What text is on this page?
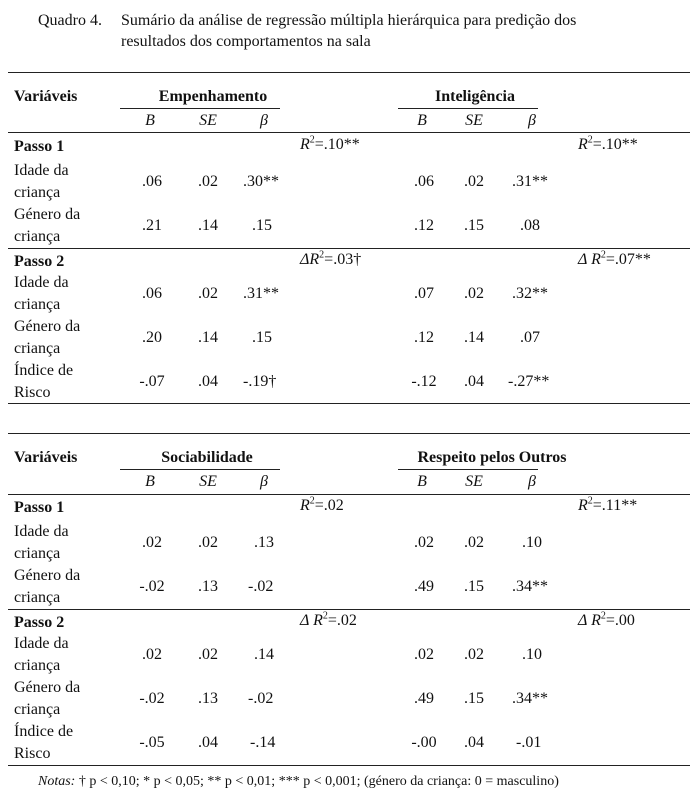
Quadro 4. Sumário da análise de regressão múltipla hierárquica para predição dos
resultados dos comportamentos na sala
Variáveis	Empenhamento	Inteligência
B	SE	β	B	SE	β
Passo 1	$R^2=.10**$	$R^2=.10**$
Idade da
criança
.06	.02	.30**	.06	.02	.31**
Género da
criança
.21	.14	.15	.12	.15	.08
Passo 2	$\Delta R^2=.03\dagger$	Δ $R^2=.07**$
Idade da
criança
.06	.02	.31**	.07	.02	.32**
Género da
criança
.20	.14	.15	.12	.14	.07
Índice de
Risco
-.07	.04	-.19†	-.12	.04	-.27**
Variáveis	Sociabilidade	Respeito pelos Outros
B	SE	β	B	SE	β
Passo 1	$R^2=.02$	$R^2=.11**$
Idade da
criança
.02	.02	.13	.02	.02	.10
Género da
criança
-.02	.13	-.02	.49	.15	.34**
Passo 2	Δ $R^2=.02$	Δ $R^2=.00$
Idade da
criança
.02	.02	.14	.02	.02	.10
Género da
criança
-.02	.13	-.02	.49	.15	.34**
Índice de
Risco
-.05	.04	-.14	-.00	.04	-.01
Notas: † p < 0,10; * p < 0,05; ** p < 0,01; *** p < 0,001; (género da criança: 0 = masculino)
